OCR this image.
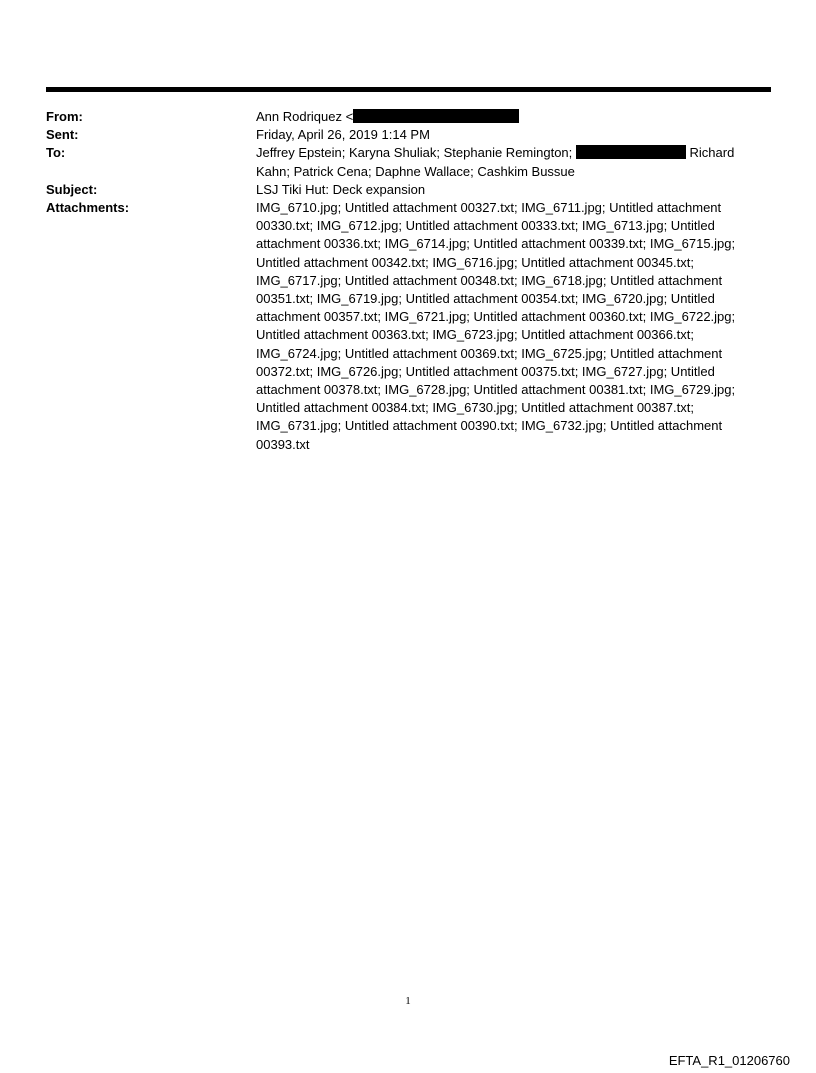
From:	Ann Rodriquez <
Sent:	Friday, April 26, 2019 1:14 PM
To:	Jeffrey Epstein; Karyna Shuliak; Stephanie Remington;	Richard Kahn; Patrick Cena; Daphne Wallace; Cashkim Bussue
Subject:	LSJ Tiki Hut: Deck expansion
Attachments:	IMG_6710.jpg; Untitled attachment 00327.txt; IMG_6711.jpg; Untitled attachment 00330.txt; IMG_6712.jpg; Untitled attachment 00333.txt; IMG_6713.jpg; Untitled attachment 00336.txt; IMG_6714.jpg; Untitled attachment 00339.txt; IMG_6715.jpg; Untitled attachment 00342.txt; IMG_6716.jpg; Untitled attachment 00345.txt; IMG_6717.jpg; Untitled attachment 00348.txt; IMG_6718.jpg; Untitled attachment 00351.txt; IMG_6719.jpg; Untitled attachment 00354.txt; IMG_6720.jpg; Untitled attachment 00357.txt; IMG_6721.jpg; Untitled attachment 00360.txt; IMG_6722.jpg; Untitled attachment 00363.txt; IMG_6723.jpg; Untitled attachment 00366.txt; IMG_6724.jpg; Untitled attachment 00369.txt; IMG_6725.jpg; Untitled attachment 00372.txt; IMG_6726.jpg; Untitled attachment 00375.txt; IMG_6727.jpg; Untitled attachment 00378.txt; IMG_6728.jpg; Untitled attachment 00381.txt; IMG_6729.jpg; Untitled attachment 00384.txt; IMG_6730.jpg; Untitled attachment 00387.txt; IMG_6731.jpg; Untitled attachment 00390.txt; IMG_6732.jpg; Untitled attachment 00393.txt
1
EFTA_R1_01206760
